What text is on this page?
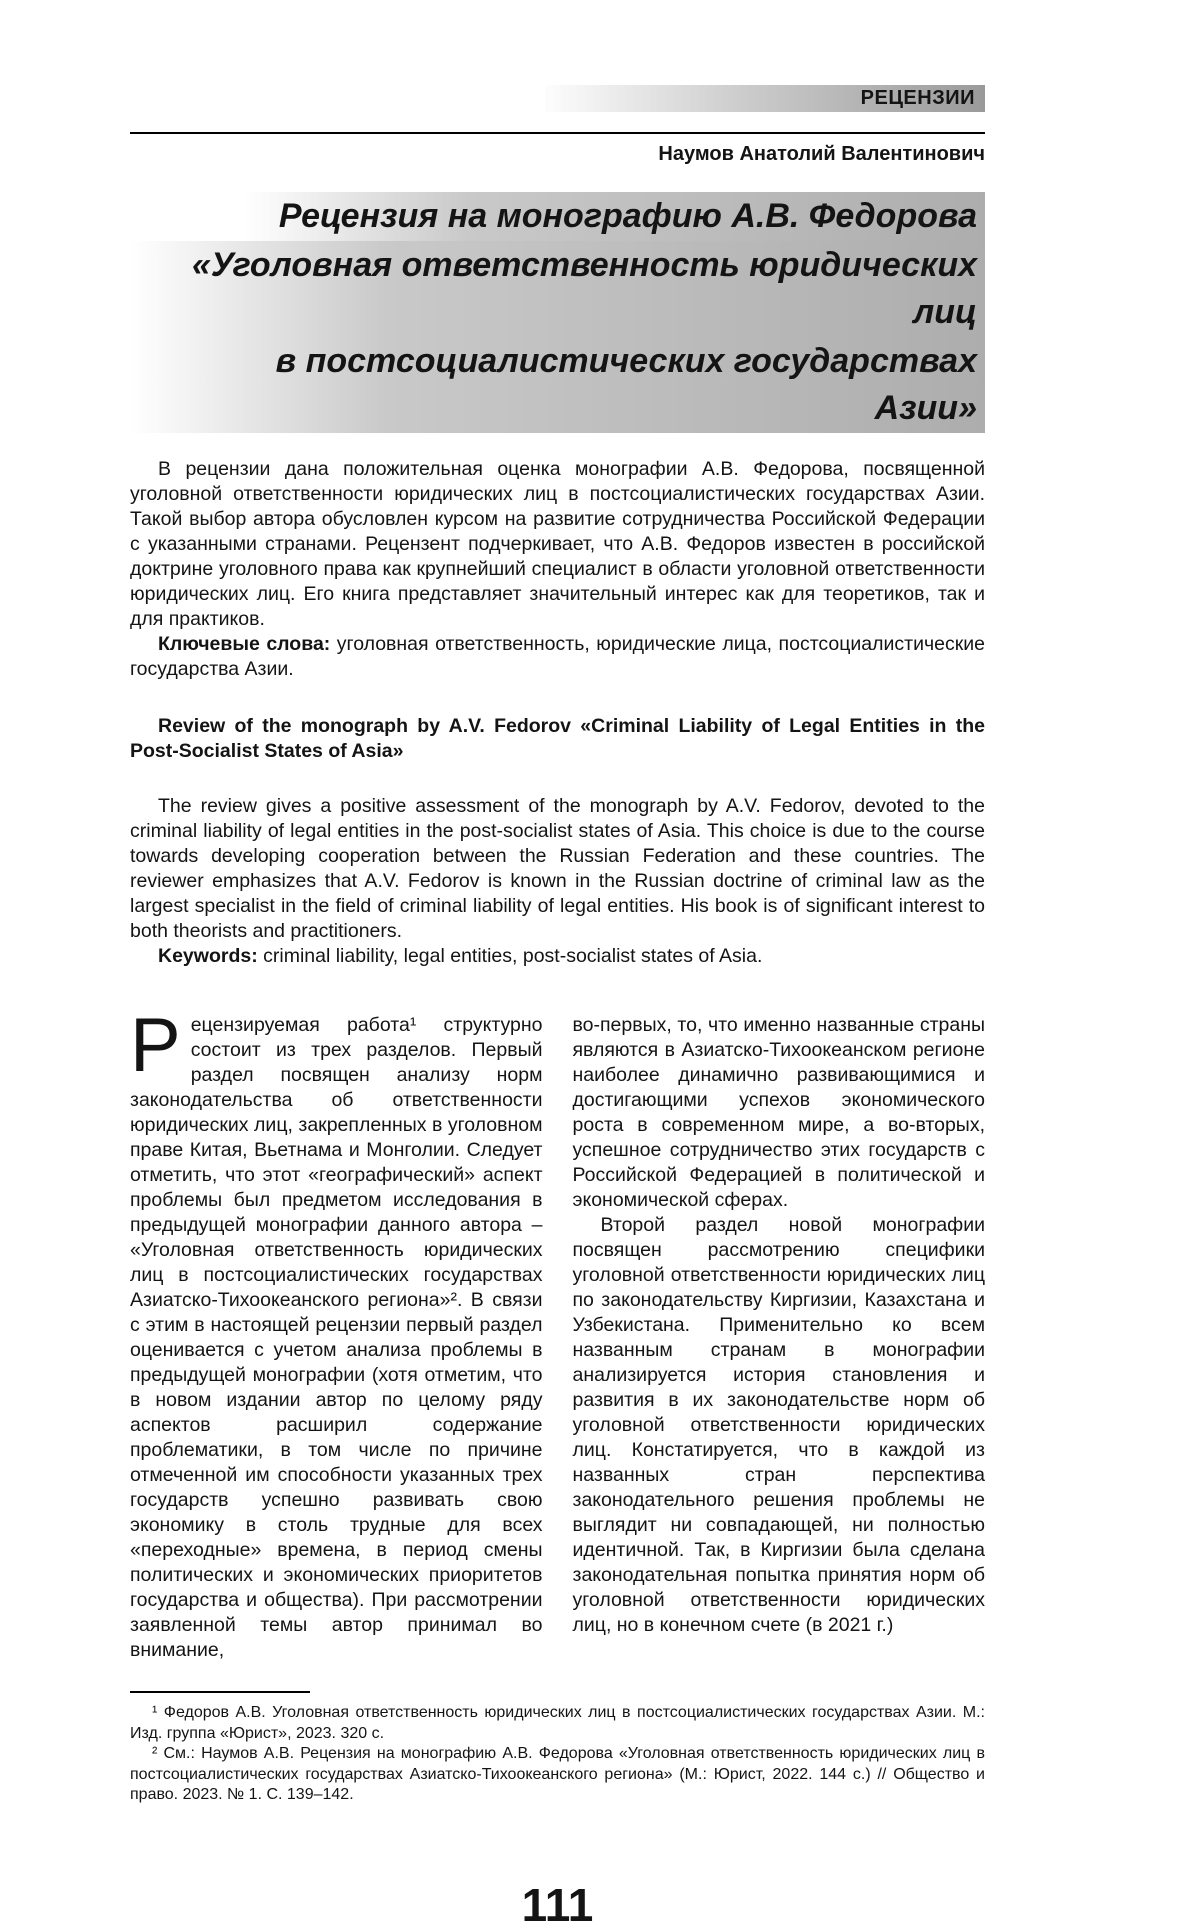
РЕЦЕНЗИИ
Наумов Анатолий Валентинович
Рецензия на монографию А.В. Федорова
«Уголовная ответственность юридических лиц
в постсоциалистических государствах Азии»

В рецензии дана положительная оценка монографии А.В. Федорова, посвященной уголовной ответственности юридических лиц в постсоциалистических государствах Азии. Такой выбор автора обусловлен курсом на развитие сотрудничества Российской Федерации с указанными странами. Рецензент подчеркивает, что А.В. Федоров известен в российской доктрине уголовного права как крупнейший специалист в области уголовной ответственности юридических лиц. Его книга представляет значительный интерес как для теоретиков, так и для практиков.

Ключевые слова: уголовная ответственность, юридические лица, постсоциалистические государства Азии.

Review of the monograph by A.V. Fedorov «Criminal Liability of Legal Entities in the Post-Socialist States of Asia»

The review gives a positive assessment of the monograph by A.V. Fedorov, devoted to the criminal liability of legal entities in the post-socialist states of Asia. This choice is due to the course towards developing cooperation between the Russian Federation and these countries. The reviewer emphasizes that A.V. Fedorov is known in the Russian doctrine of criminal law as the largest specialist in the field of criminal liability of legal entities. His book is of significant interest to both theorists and practitioners.

Keywords: criminal liability, legal entities, post-socialist states of Asia.

Рецензируемая работа¹ структурно состоит из трех разделов. Первый раздел посвящен анализу норм законодательства об ответственности юридических лиц, закрепленных в уголовном праве Китая, Вьетнама и Монголии. Следует отметить, что этот «географический» аспект проблемы был предметом исследования в предыдущей монографии данного автора – «Уголовная ответственность юридических лиц в постсоциалистических государствах Азиатско-Тихоокеанского региона»². В связи с этим в настоящей рецензии первый раздел оценивается с учетом анализа проблемы в предыдущей монографии (хотя отметим, что в новом издании автор по целому ряду аспектов расширил содержание проблематики, в том числе по причине отмеченной им способности указанных трех государств успешно развивать свою экономику в столь трудные для всех «переходные» времена, в период смены политических и экономических приоритетов государства и общества). При рассмотрении заявленной темы автор принимал во внимание,

во-первых, то, что именно названные страны являются в Азиатско-Тихоокеанском регионе наиболее динамично развивающимися и достигающими успехов экономического роста в современном мире, а во-вторых, успешное сотрудничество этих государств с Российской Федерацией в политической и экономической сферах.

Второй раздел новой монографии посвящен рассмотрению специфики уголовной ответственности юридических лиц по законодательству Киргизии, Казахстана и Узбекистана. Применительно ко всем названным странам в монографии анализируется история становления и развития в их законодательстве норм об уголовной ответственности юридических лиц. Констатируется, что в каждой из названных стран перспектива законодательного решения проблемы не выглядит ни совпадающей, ни полностью идентичной. Так, в Киргизии была сделана законодательная попытка принятия норм об уголовной ответственности юридических лиц, но в конечном счете (в 2021 г.)

¹ Федоров А.В. Уголовная ответственность юридических лиц в постсоциалистических государствах Азии. М.: Изд. группа «Юрист», 2023. 320 с.

² См.: Наумов А.В. Рецензия на монографию А.В. Федорова «Уголовная ответственность юридических лиц в постсоциалистических государствах Азиатско-Тихоокеанского региона» (М.: Юрист, 2022. 144 с.) // Общество и право. 2023. № 1. С. 139–142.

111
